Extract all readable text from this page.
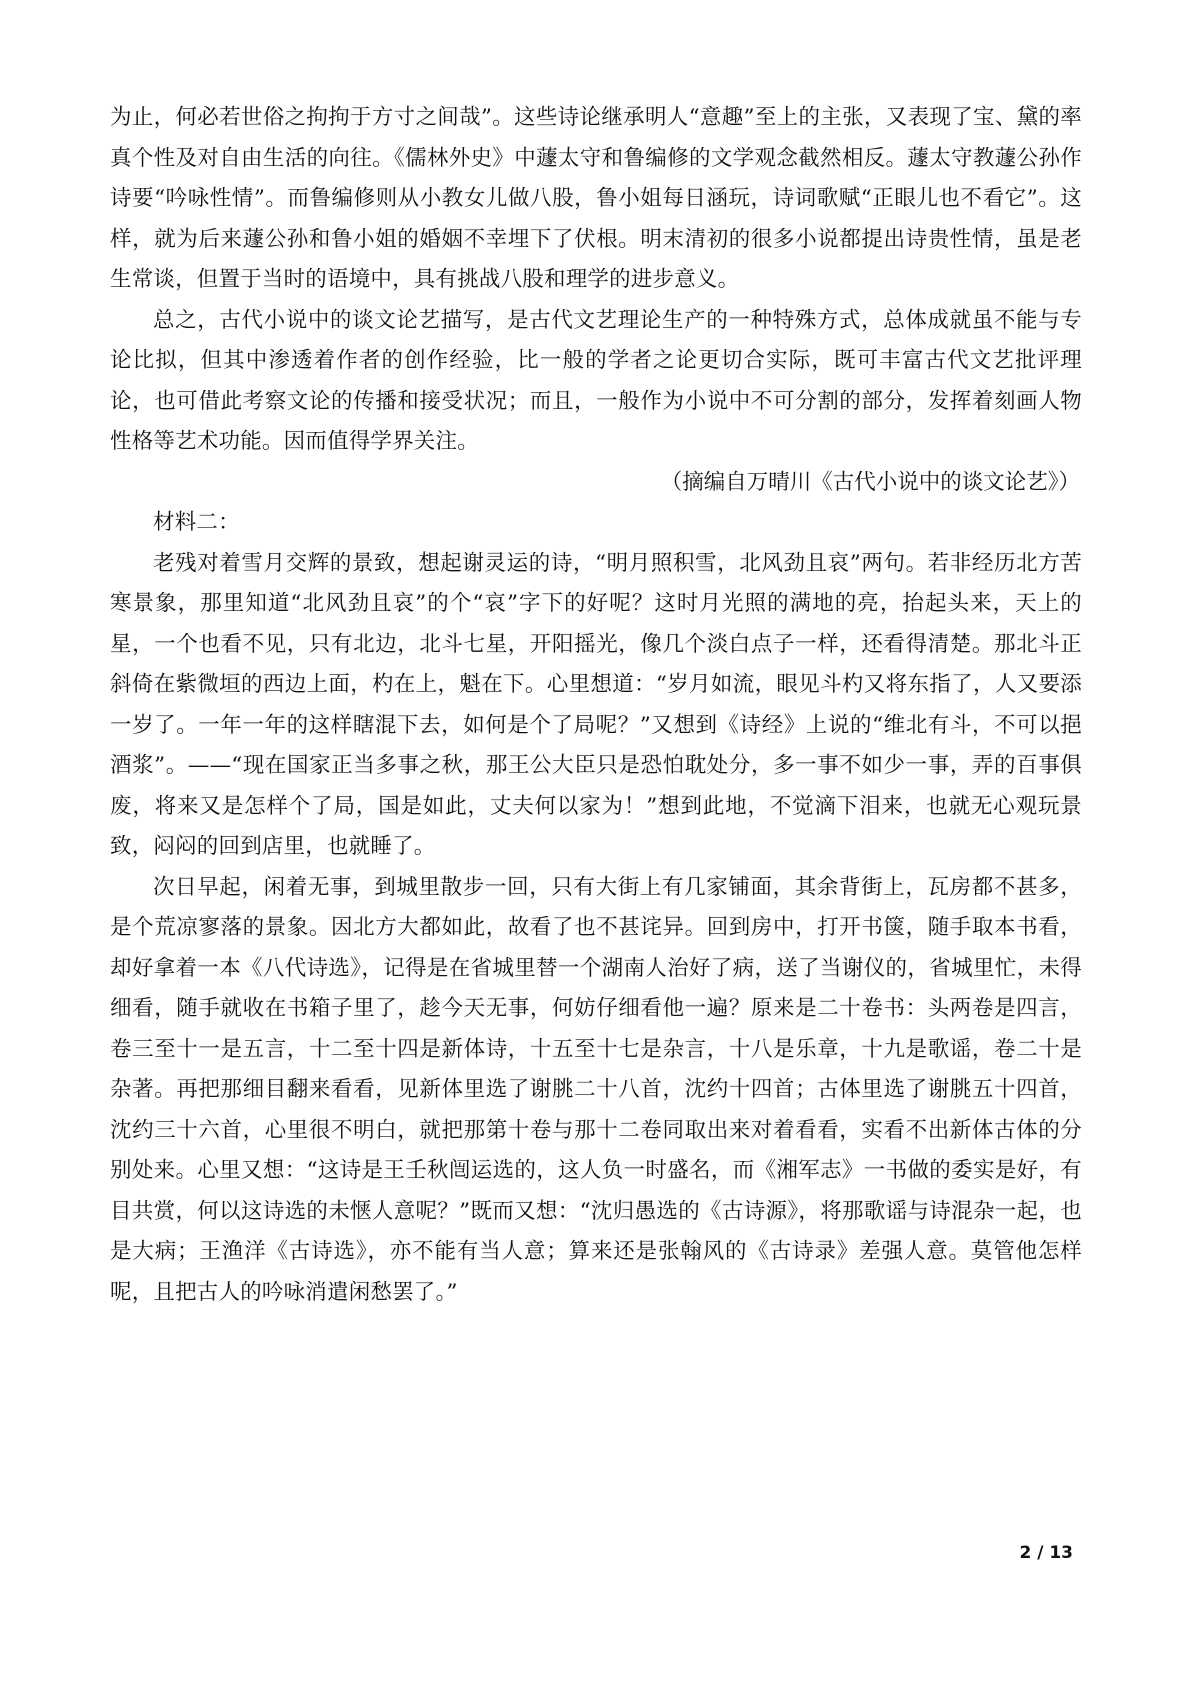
为止，何必若世俗之拘拘于方寸之间哉”。这些诗论继承明人“意趣”至上的主张，又表现了宝、黛的率真个性及对自由生活的向往。《儒林外史》中蘧太守和鲁编修的文学观念截然相反。蘧太守教蘧公孙作诗要“吟咏性情”。而鲁编修则从小教女儿做八股，鲁小姐每日涵玩，诗词歌赋“正眼儿也不看它”。这样，就为后来蘧公孙和鲁小姐的婚姻不幸埋下了伏根。明末清初的很多小说都提出诗贵性情，虽是老生常谈，但置于当时的语境中，具有挑战八股和理学的进步意义。

总之，古代小说中的谈文论艺描写，是古代文艺理论生产的一种特殊方式，总体成就虽不能与专论比拟，但其中渗透着作者的创作经验，比一般的学者之论更切合实际，既可丰富古代文艺批评理论，也可借此考察文论的传播和接受状况；而且，一般作为小说中不可分割的部分，发挥着刻画人物性格等艺术功能。因而值得学界关注。

（摘编自万晴川《古代小说中的谈文论艺》）

材料二：

老残对着雪月交辉的景致，想起谢灵运的诗，“明月照积雪，北风劲且哀”两句。若非经历北方苦寒景象，那里知道“北风劲且哀”的个“哀”字下的好呢？这时月光照的满地的亮，抬起头来，天上的星，一个也看不见，只有北边，北斗七星，开阳摇光，像几个淡白点子一样，还看得清楚。那北斗正斜倚在紫微垣的西边上面，杓在上，魁在下。心里想道：“岁月如流，眼见斗杓又将东指了，人又要添一岁了。一年一年的这样瞎混下去，如何是个了局呢？”又想到《诗经》上说的“维北有斗，不可以挹酒浆”。——“现在国家正当多事之秋，那王公大臣只是恐怕耽处分，多一事不如少一事，弄的百事俱废，将来又是怎样个了局，国是如此，丈夫何以家为！”想到此地，不觉滴下泪来，也就无心观玩景致，闷闷的回到店里，也就睡了。

次日早起，闲着无事，到城里散步一回，只有大街上有几家铺面，其余背街上，瓦房都不甚多，是个荒凉寥落的景象。因北方大都如此，故看了也不甚诧异。回到房中，打开书箧，随手取本书看，却好拿着一本《八代诗选》，记得是在省城里替一个湖南人治好了病，送了当谢仪的，省城里忙，未得细看，随手就收在书箱子里了，趁今天无事，何妨仔细看他一遍？原来是二十卷书：头两卷是四言，卷三至十一是五言，十二至十四是新体诗，十五至十七是杂言，十八是乐章，十九是歌谣，卷二十是杂著。再把那细目翻来看看，见新体里选了谢朓二十八首，沈约十四首；古体里选了谢朓五十四首，沈约三十六首，心里很不明白，就把那第十卷与那十二卷同取出来对着看看，实看不出新体古体的分别处来。心里又想：“这诗是王壬秋闿运选的，这人负一时盛名，而《湘军志》一书做的委实是好，有目共赏，何以这诗选的未惬人意呢？”既而又想：“沈归愚选的《古诗源》，将那歌谣与诗混杂一起，也是大病；王渔洋《古诗选》，亦不能有当人意；算来还是张翰风的《古诗录》差强人意。莫管他怎样呢，且把古人的吟咏消遣闲愁罢了。”

2 / 13
